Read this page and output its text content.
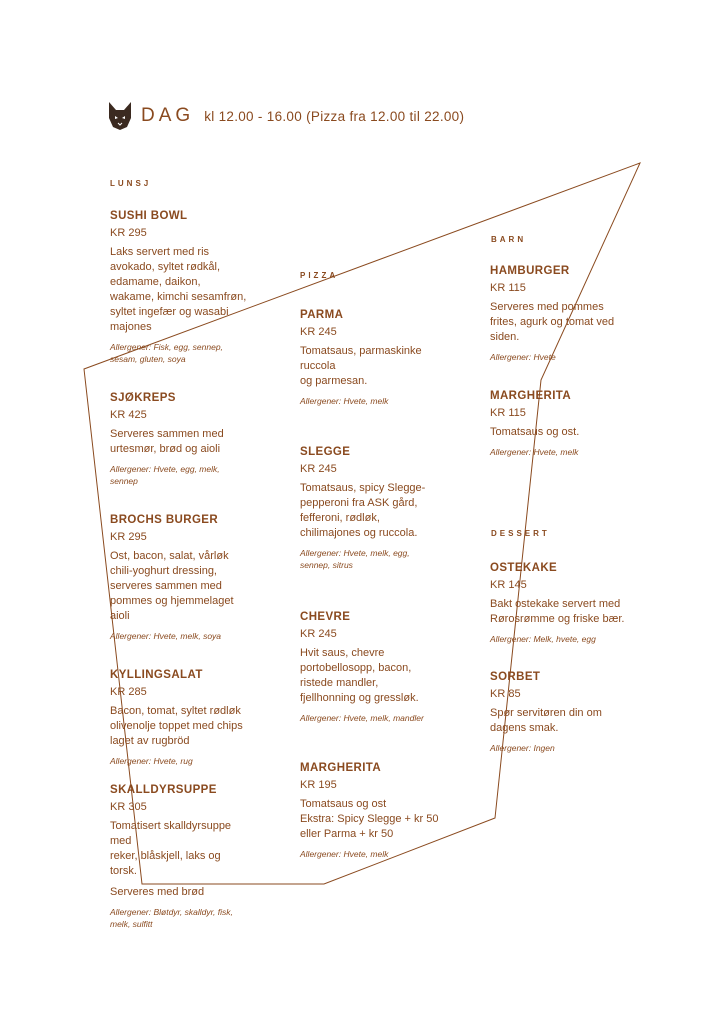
DAG kl 12.00 - 16.00 (Pizza fra 12.00 til 22.00)
LUNSJ

SUSHI BOWL

KR 295

Laks servert med ris
avokado, syltet rødkål,
edamame, daikon,
wakame, kimchi sesamfrøn,
syltet ingefær og wasabi
majones

Allergener: Fisk, egg, sennep,
sesam, gluten, soya

SJØKREPS

KR 425

Serveres sammen med
urtesmør, brød og aioli

Allergener: Hvete, egg, melk,
sennep

BROCHS BURGER

KR 295

Ost, bacon, salat, vårløk
chili-yoghurt dressing,
serveres sammen med
pommes og hjemmelaget
aioli

Allergener: Hvete, melk, soya

KYLLINGSALAT

KR 285

Bacon, tomat, syltet rødløk
olivenolje toppet med chips
laget av rugbröd

Allergener: Hvete, rug

SKALLDYRSUPPE

KR 305

Tomatisert skalldyrsuppe
med
reker, blåskjell, laks og
torsk.

Serveres med brød

Allergener: Bløtdyr, skalldyr, fisk,
melk, sulfitt

PIZZA

PARMA

KR 245

Tomatsaus, parmaskinke
ruccola
og parmesan.

Allergener: Hvete, melk

SLEGGE

KR 245

Tomatsaus, spicy Slegge-
pepperoni fra ASK gård,
fefferoni, rødløk,
chilimajones og ruccola.

Allergener: Hvete, melk, egg,
sennep, sitrus

CHEVRE

KR 245

Hvit saus, chevre
portobellosopp, bacon,
ristede mandler,
fjellhonning og gressløk.

Allergener: Hvete, melk, mandler

MARGHERITA

KR 195

Tomatsaus og ost
Ekstra: Spicy Slegge + kr 50
eller Parma + kr 50

Allergener: Hvete, melk

BARN

HAMBURGER

KR 115

Serveres med pommes
frites, agurk og tomat ved
siden.

Allergener: Hvete

MARGHERITA

KR 115

Tomatsaus og ost.

Allergener: Hvete, melk

DESSERT

OSTEKAKE

KR 145

Bakt ostekake servert med
Rørosrømme og friske bær.

Allergener: Melk, hvete, egg

SORBET

KR 85

Spør servitøren din om
dagens smak.

Allergener: Ingen
